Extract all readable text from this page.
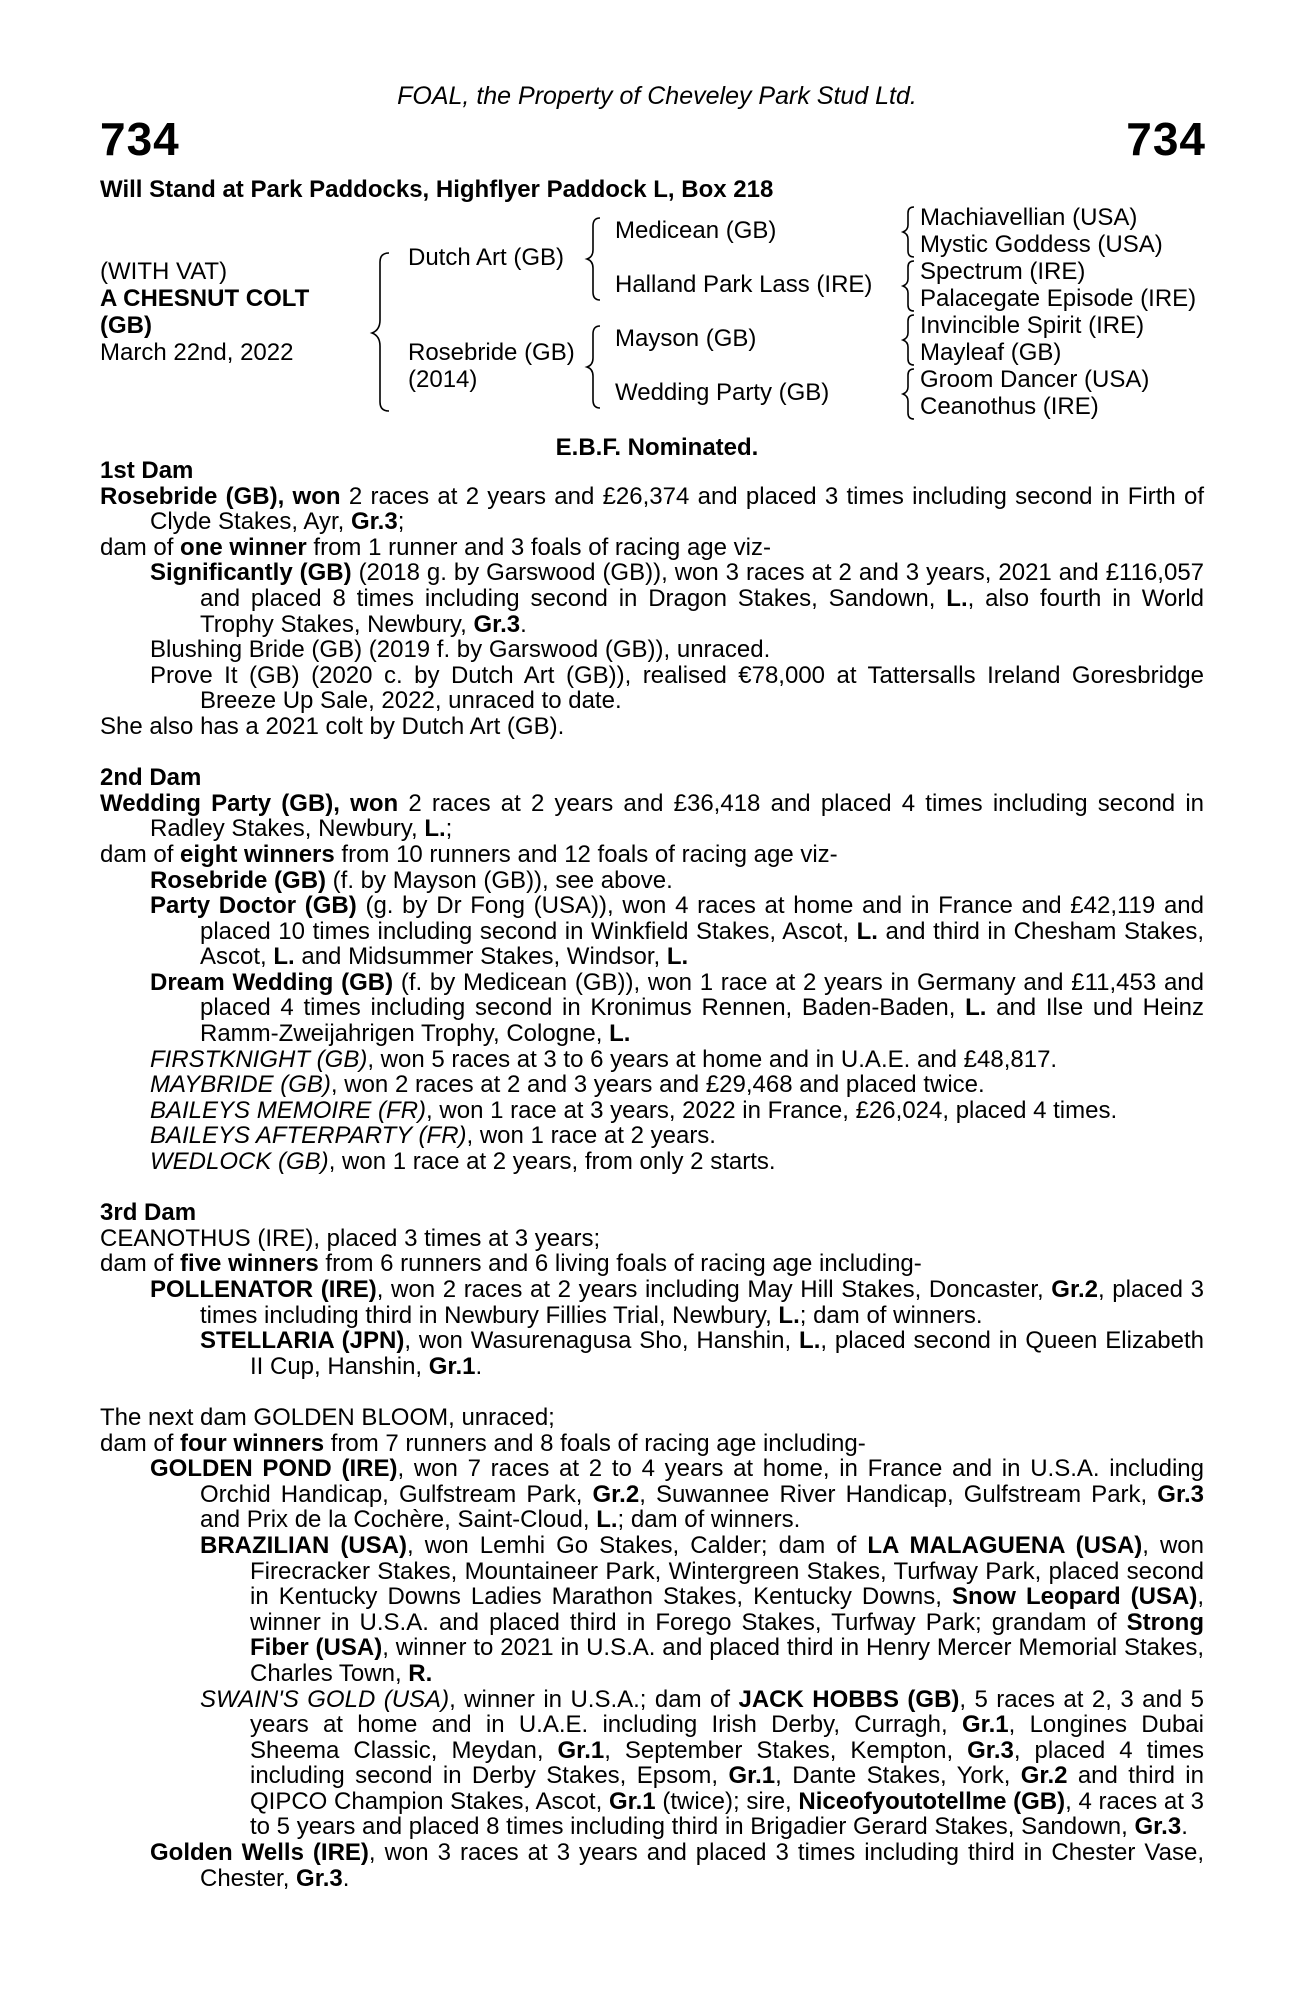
FOAL, the Property of Cheveley Park Stud Ltd.
734	734
Will Stand at Park Paddocks, Highflyer Paddock L, Box 218
(WITH VAT)
A CHESNUT COLT
(GB)
March 22nd, 2022
Dutch Art (GB)
Rosebride (GB)
(2014)
Medicean (GB)
Halland Park Lass (IRE)
Mayson (GB)
Wedding Party (GB)
Machiavellian (USA)
Mystic Goddess (USA)
Spectrum (IRE)
Palacegate Episode (IRE)
Invincible Spirit (IRE)
Mayleaf (GB)
Groom Dancer (USA)
Ceanothus (IRE)
E.B.F. Nominated.

1st Dam

Rosebride (GB), won 2 races at 2 years and £26,374 and placed 3 times including second in Firth of Clyde Stakes, Ayr, Gr.3;

dam of one winner from 1 runner and 3 foals of racing age viz-

Significantly (GB) (2018 g. by Garswood (GB)), won 3 races at 2 and 3 years, 2021 and £116,057 and placed 8 times including second in Dragon Stakes, Sandown, L., also fourth in World Trophy Stakes, Newbury, Gr.3.

Blushing Bride (GB) (2019 f. by Garswood (GB)), unraced.

Prove It (GB) (2020 c. by Dutch Art (GB)), realised €78,000 at Tattersalls Ireland Goresbridge Breeze Up Sale, 2022, unraced to date.

She also has a 2021 colt by Dutch Art (GB).

2nd Dam

Wedding Party (GB), won 2 races at 2 years and £36,418 and placed 4 times including second in Radley Stakes, Newbury, L.;

dam of eight winners from 10 runners and 12 foals of racing age viz-

Rosebride (GB) (f. by Mayson (GB)), see above.

Party Doctor (GB) (g. by Dr Fong (USA)), won 4 races at home and in France and £42,119 and placed 10 times including second in Winkfield Stakes, Ascot, L. and third in Chesham Stakes, Ascot, L. and Midsummer Stakes, Windsor, L.

Dream Wedding (GB) (f. by Medicean (GB)), won 1 race at 2 years in Germany and £11,453 and placed 4 times including second in Kronimus Rennen, Baden-Baden, L. and Ilse und Heinz Ramm-Zweijahrigen Trophy, Cologne, L.

FIRSTKNIGHT (GB), won 5 races at 3 to 6 years at home and in U.A.E. and £48,817.

MAYBRIDE (GB), won 2 races at 2 and 3 years and £29,468 and placed twice.

BAILEYS MEMOIRE (FR), won 1 race at 3 years, 2022 in France, £26,024, placed 4 times.

BAILEYS AFTERPARTY (FR), won 1 race at 2 years.

WEDLOCK (GB), won 1 race at 2 years, from only 2 starts.

3rd Dam

CEANOTHUS (IRE), placed 3 times at 3 years;

dam of five winners from 6 runners and 6 living foals of racing age including-

POLLENATOR (IRE), won 2 races at 2 years including May Hill Stakes, Doncaster, Gr.2, placed 3 times including third in Newbury Fillies Trial, Newbury, L.; dam of winners.

STELLARIA (JPN), won Wasurenagusa Sho, Hanshin, L., placed second in Queen Elizabeth II Cup, Hanshin, Gr.1.

The next dam GOLDEN BLOOM, unraced;

dam of four winners from 7 runners and 8 foals of racing age including-

GOLDEN POND (IRE), won 7 races at 2 to 4 years at home, in France and in U.S.A. including Orchid Handicap, Gulfstream Park, Gr.2, Suwannee River Handicap, Gulfstream Park, Gr.3 and Prix de la Cochère, Saint-Cloud, L.; dam of winners.

BRAZILIAN (USA), won Lemhi Go Stakes, Calder; dam of LA MALAGUENA (USA), won Firecracker Stakes, Mountaineer Park, Wintergreen Stakes, Turfway Park, placed second in Kentucky Downs Ladies Marathon Stakes, Kentucky Downs, Snow Leopard (USA), winner in U.S.A. and placed third in Forego Stakes, Turfway Park; grandam of Strong Fiber (USA), winner to 2021 in U.S.A. and placed third in Henry Mercer Memorial Stakes, Charles Town, R.

SWAIN'S GOLD (USA), winner in U.S.A.; dam of JACK HOBBS (GB), 5 races at 2, 3 and 5 years at home and in U.A.E. including Irish Derby, Curragh, Gr.1, Longines Dubai Sheema Classic, Meydan, Gr.1, September Stakes, Kempton, Gr.3, placed 4 times including second in Derby Stakes, Epsom, Gr.1, Dante Stakes, York, Gr.2 and third in QIPCO Champion Stakes, Ascot, Gr.1 (twice); sire, Niceofyoutotellme (GB), 4 races at 3 to 5 years and placed 8 times including third in Brigadier Gerard Stakes, Sandown, Gr.3.

Golden Wells (IRE), won 3 races at 3 years and placed 3 times including third in Chester Vase, Chester, Gr.3.
